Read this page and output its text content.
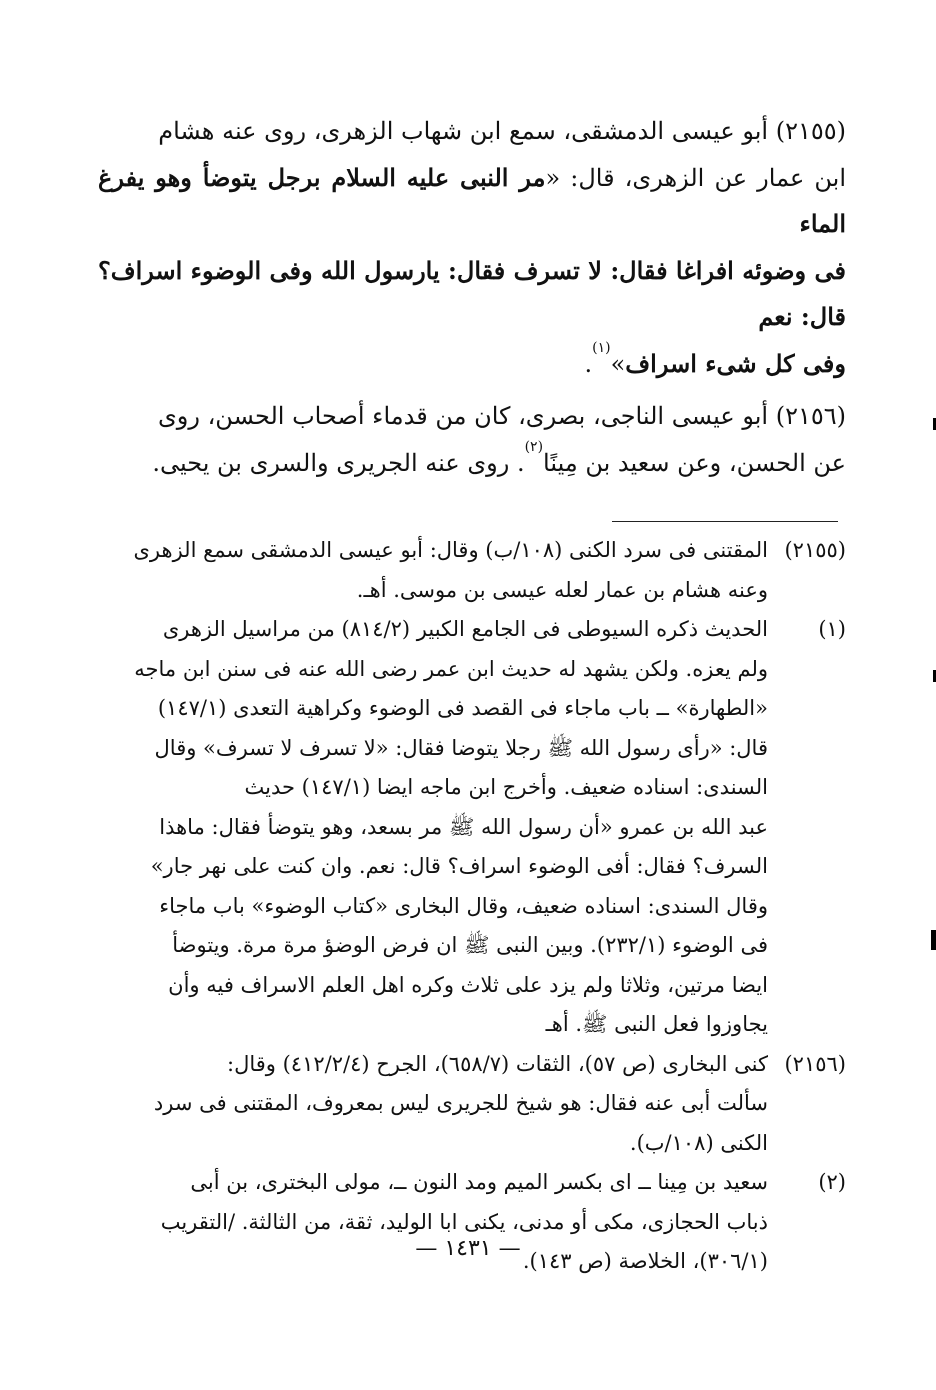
(٢١٥٥) أبو عيسى الدمشقى، سمع ابن شهاب الزهرى، روى عنه هشام
ابن عمار عن الزهرى، قال: «مر النبى عليه السلام برجل يتوضأ وهو يفرغ الماء
فى وضوئه افراغا فقال: لا تسرف فقال: يارسول الله وفى الوضوء اسراف؟ قال: نعم
وفى كل شىء اسراف»$^{(١)}$.

(٢١٥٦) أبو عيسى الناجى، بصرى، كان من قدماء أصحاب الحسن، روى
عن الحسن، وعن سعيد بن مِينًا$^{(٢)}$. روى عنه الجريرى والسرى بن يحيى.

(٢١٥٥)
المقتنى فى سرد الكنى (١٠٨/ب) وقال: أبو عيسى الدمشقى سمع الزهرى
وعنه هشام بن عمار لعله عيسى بن موسى. أهـ.
(١)
الحديث ذكره السيوطى فى الجامع الكبير (٨١٤/٢) من مراسيل الزهرى
ولم يعزه. ولكن يشهد له حديث ابن عمر رضى الله عنه فى سنن ابن ماجه
«الطهارة» ــ باب ماجاء فى القصد فى الوضوء وكراهية التعدى (١٤٧/١)
قال: «رأى رسول الله ﷺ رجلا يتوضا فقال: «لا تسرف لا تسرف» وقال
السندى: اسناده ضعيف. وأخرج ابن ماجه ايضا (١٤٧/١) حديث
عبد الله بن عمرو «أن رسول الله ﷺ مر بسعد، وهو يتوضأ فقال: ماهذا
السرف؟ فقال: أفى الوضوء اسراف؟ قال: نعم. وان كنت على نهر جار»
وقال السندى: اسناده ضعيف، وقال البخارى «كتاب الوضوء» باب ماجاء
فى الوضوء (٢٣٢/١). وبين النبى ﷺ ان فرض الوضؤ مرة مرة. ويتوضأ
ايضا مرتين، وثلاثا ولم يزد على ثلاث وكره اهل العلم الاسراف فيه وأن
يجاوزوا فعل النبى ﷺ. أهـ
(٢١٥٦)
كنى البخارى (ص ٥٧)، الثقات (٦٥٨/٧)، الجرح (٤١٢/٢/٤) وقال:
سألت أبى عنه فقال: هو شيخ للجريرى ليس بمعروف، المقتنى فى سرد
الكنى (١٠٨/ب).
(٢)
سعيد بن مِينا ــ اى بكسر الميم ومد النون ــ، مولى البخترى، بن أبى
ذباب الحجازى، مكى أو مدنى، يكنى ابا الوليد، ثقة، من الثالثة. /التقريب
(٣٠٦/١)، الخلاصة (ص ١٤٣).
— ١٤٣١ —
